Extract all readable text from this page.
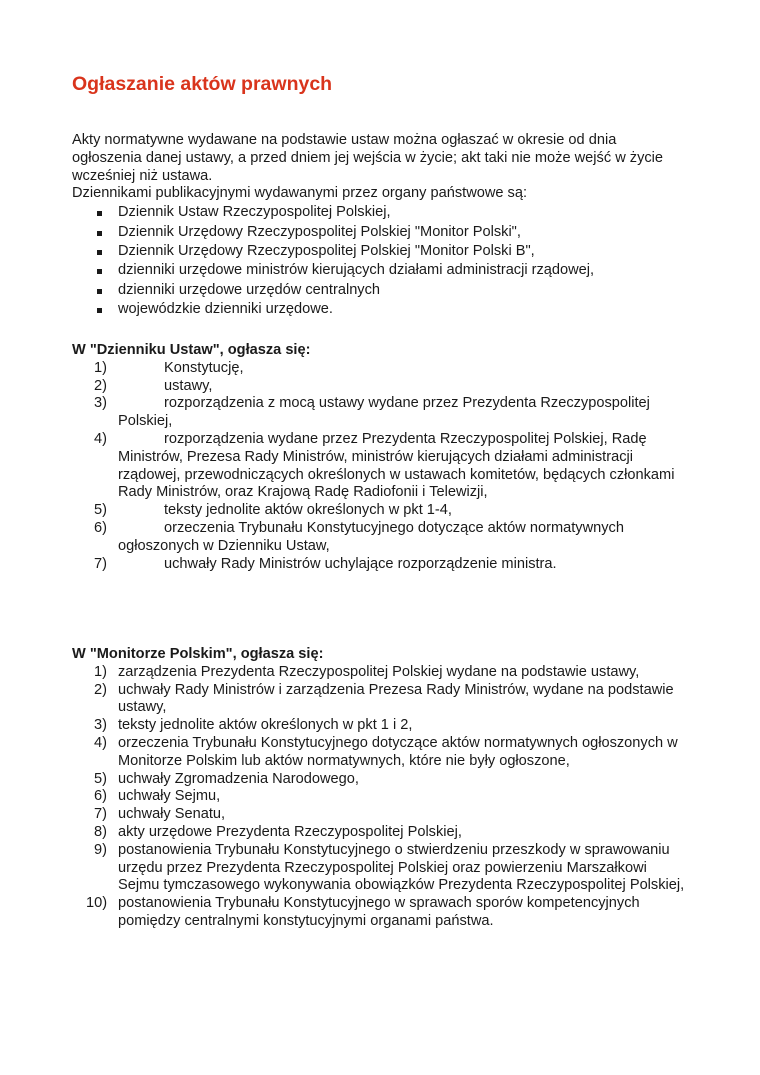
Ogłaszanie aktów prawnych

Akty normatywne wydawane na podstawie ustaw można ogłaszać w okresie od dnia ogłoszenia danej ustawy, a przed dniem jej wejścia w życie; akt taki nie może wejść w życie wcześniej niż ustawa.

Dziennikami publikacyjnymi wydawanymi przez organy państwowe są:

Dziennik Ustaw Rzeczypospolitej Polskiej,
Dziennik Urzędowy Rzeczypospolitej Polskiej "Monitor Polski",
Dziennik Urzędowy Rzeczypospolitej Polskiej "Monitor Polski B",
dzienniki urzędowe ministrów kierujących działami administracji rządowej,
dzienniki urzędowe urzędów centralnych
wojewódzkie dzienniki urzędowe.

W "Dzienniku Ustaw", ogłasza się:

1)	Konstytucję,
2)	ustawy,
3)	rozporządzenia z mocą ustawy wydane przez Prezydenta Rzeczypospolitej Polskiej,
4)	rozporządzenia wydane przez Prezydenta Rzeczypospolitej Polskiej, Radę Ministrów, Prezesa Rady Ministrów, ministrów kierujących działami administracji rządowej, przewodniczących określonych w ustawach komitetów, będących członkami Rady Ministrów, oraz Krajową Radę Radiofonii i Telewizji,
5)	teksty jednolite aktów określonych w pkt 1-4,
6)	orzeczenia Trybunału Konstytucyjnego dotyczące aktów normatywnych ogłoszonych w Dzienniku Ustaw,
7)	uchwały Rady Ministrów uchylające rozporządzenie ministra.

W "Monitorze Polskim", ogłasza się:

1) zarządzenia Prezydenta Rzeczypospolitej Polskiej wydane na podstawie ustawy,
2) uchwały Rady Ministrów i zarządzenia Prezesa Rady Ministrów, wydane na podstawie ustawy,
3) teksty jednolite aktów określonych w pkt 1 i 2,
4) orzeczenia Trybunału Konstytucyjnego dotyczące aktów normatywnych ogłoszonych w Monitorze Polskim lub aktów normatywnych, które nie były ogłoszone,
5) uchwały Zgromadzenia Narodowego,
6) uchwały Sejmu,
7) uchwały Senatu,
8) akty urzędowe Prezydenta Rzeczypospolitej Polskiej,
9) postanowienia Trybunału Konstytucyjnego o stwierdzeniu przeszkody w sprawowaniu urzędu przez Prezydenta Rzeczypospolitej Polskiej oraz powierzeniu Marszałkowi Sejmu tymczasowego wykonywania obowiązków Prezydenta Rzeczypospolitej Polskiej,
10) postanowienia Trybunału Konstytucyjnego w sprawach sporów kompetencyjnych pomiędzy centralnymi konstytucyjnymi organami państwa.
